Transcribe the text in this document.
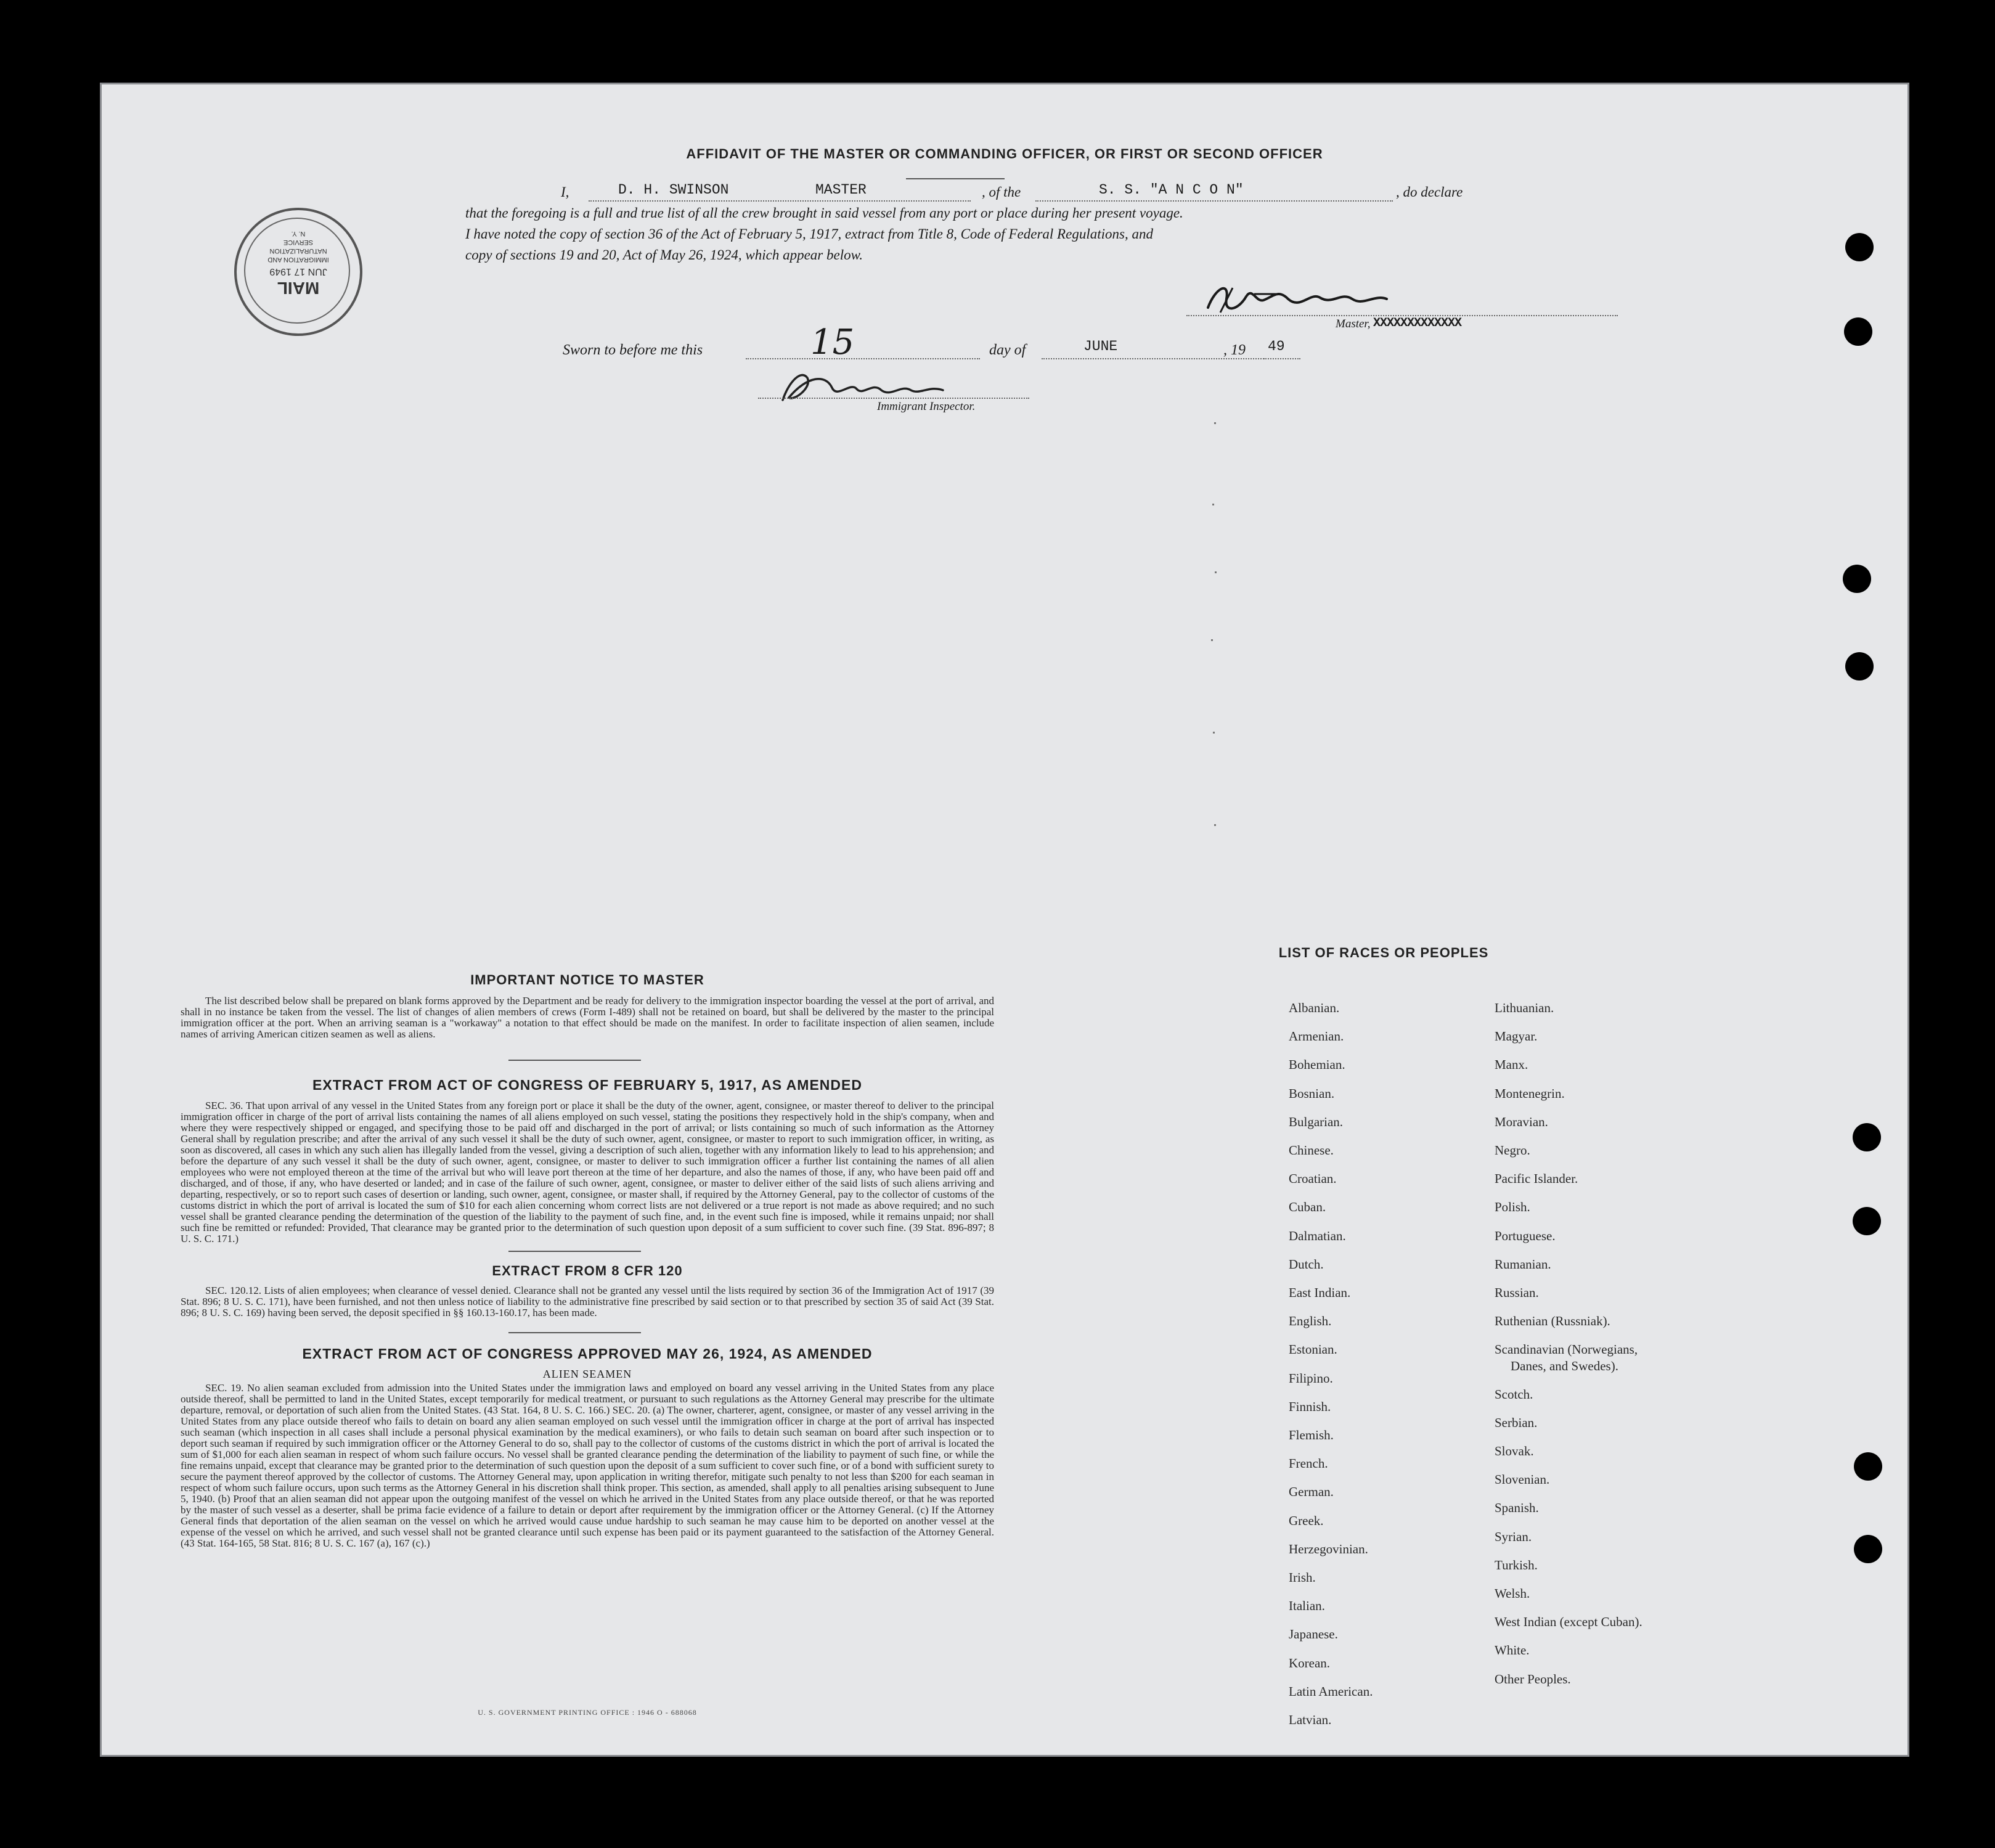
AFFIDAVIT OF THE MASTER OR COMMANDING OFFICER, OR FIRST OR SECOND OFFICER
I,	D. H. SWINSON	MASTER	, of the	S. S. "A N C O N"	, do declare
that the foregoing is a full and true list of all the crew brought in said vessel from any port or place during her present voyage.
I have noted the copy of section 36 of the Act of February 5, 1917, extract from Title 8, Code of Federal Regulations, and
copy of sections 19 and 20, Act of May 26, 1924, which appear below.
Master, XXXXXXXXXXXXX
Sworn to before me this	15	day of	JUNE	, 19 49
Immigrant Inspector.
MAIL
JUN 17 1949
IMMIGRATION AND
NATURALIZATION
SERVICE
N. Y.
IMPORTANT NOTICE TO MASTER
The list described below shall be prepared on blank forms approved by the Department and be ready for delivery to the immigration inspector boarding the vessel at the port of arrival, and shall in no instance be taken from the vessel. The list of changes of alien members of crews (Form I-489) shall not be retained on board, but shall be delivered by the master to the principal immigration officer at the port. When an arriving seaman is a "workaway" a notation to that effect should be made on the manifest. In order to facilitate inspection of alien seamen, include names of arriving American citizen seamen as well as aliens.
EXTRACT FROM ACT OF CONGRESS OF FEBRUARY 5, 1917, AS AMENDED
SEC. 36. That upon arrival of any vessel in the United States from any foreign port or place it shall be the duty of the owner, agent, consignee, or master thereof to deliver to the principal immigration officer in charge of the port of arrival lists containing the names of all aliens employed on such vessel, stating the positions they respectively hold in the ship's company, when and where they were respectively shipped or engaged, and specifying those to be paid off and discharged in the port of arrival; or lists containing so much of such information as the Attorney General shall by regulation prescribe; and after the arrival of any such vessel it shall be the duty of such owner, agent, consignee, or master to report to such immigration officer, in writing, as soon as discovered, all cases in which any such alien has illegally landed from the vessel, giving a description of such alien, together with any information likely to lead to his apprehension; and before the departure of any such vessel it shall be the duty of such owner, agent, consignee, or master to deliver to such immigration officer a further list containing the names of all alien employees who were not employed thereon at the time of the arrival but who will leave port thereon at the time of her departure, and also the names of those, if any, who have been paid off and discharged, and of those, if any, who have deserted or landed; and in case of the failure of such owner, agent, consignee, or master to deliver either of the said lists of such aliens arriving and departing, respectively, or so to report such cases of desertion or landing, such owner, agent, consignee, or master shall, if required by the Attorney General, pay to the collector of customs of the customs district in which the port of arrival is located the sum of $10 for each alien concerning whom correct lists are not delivered or a true report is not made as above required; and no such vessel shall be granted clearance pending the determination of the question of the liability to the payment of such fine, and, in the event such fine is imposed, while it remains unpaid; nor shall such fine be remitted or refunded: Provided, That clearance may be granted prior to the determination of such question upon deposit of a sum sufficient to cover such fine. (39 Stat. 896-897; 8 U. S. C. 171.)
EXTRACT FROM 8 CFR 120
SEC. 120.12. Lists of alien employees; when clearance of vessel denied. Clearance shall not be granted any vessel until the lists required by section 36 of the Immigration Act of 1917 (39 Stat. 896; 8 U. S. C. 171), have been furnished, and not then unless notice of liability to the administrative fine prescribed by said section or to that prescribed by section 35 of said Act (39 Stat. 896; 8 U. S. C. 169) having been served, the deposit specified in §§ 160.13-160.17, has been made.
EXTRACT FROM ACT OF CONGRESS APPROVED MAY 26, 1924, AS AMENDED
ALIEN SEAMEN
SEC. 19. No alien seaman excluded from admission into the United States under the immigration laws and employed on board any vessel arriving in the United States from any place outside thereof, shall be permitted to land in the United States, except temporarily for medical treatment, or pursuant to such regulations as the Attorney General may prescribe for the ultimate departure, removal, or deportation of such alien from the United States. (43 Stat. 164, 8 U. S. C. 166.) SEC. 20. (a) The owner, charterer, agent, consignee, or master of any vessel arriving in the United States from any place outside thereof who fails to detain on board any alien seaman employed on such vessel until the immigration officer in charge at the port of arrival has inspected such seaman (which inspection in all cases shall include a personal physical examination by the medical examiners), or who fails to detain such seaman on board after such inspection or to deport such seaman if required by such immigration officer or the Attorney General to do so, shall pay to the collector of customs of the customs district in which the port of arrival is located the sum of $1,000 for each alien seaman in respect of whom such failure occurs. No vessel shall be granted clearance pending the determination of the liability to payment of such fine, or while the fine remains unpaid, except that clearance may be granted prior to the determination of such question upon the deposit of a sum sufficient to cover such fine, or of a bond with sufficient surety to secure the payment thereof approved by the collector of customs. The Attorney General may, upon application in writing therefor, mitigate such penalty to not less than $200 for each seaman in respect of whom such failure occurs, upon such terms as the Attorney General in his discretion shall think proper. This section, as amended, shall apply to all penalties arising subsequent to June 5, 1940. (b) Proof that an alien seaman did not appear upon the outgoing manifest of the vessel on which he arrived in the United States from any place outside thereof, or that he was reported by the master of such vessel as a deserter, shall be prima facie evidence of a failure to detain or deport after requirement by the immigration officer or the Attorney General. (c) If the Attorney General finds that deportation of the alien seaman on the vessel on which he arrived would cause undue hardship to such seaman he may cause him to be deported on another vessel at the expense of the vessel on which he arrived, and such vessel shall not be granted clearance until such expense has been paid or its payment guaranteed to the satisfaction of the Attorney General. (43 Stat. 164-165, 58 Stat. 816; 8 U. S. C. 167 (a), 167 (c).)
U. S. GOVERNMENT PRINTING OFFICE : 1946 O - 688068
LIST OF RACES OR PEOPLES
Albanian.
Armenian.
Bohemian.
Bosnian.
Bulgarian.
Chinese.
Croatian.
Cuban.
Dalmatian.
Dutch.
East Indian.
English.
Estonian.
Filipino.
Finnish.
Flemish.
French.
German.
Greek.
Herzegovinian.
Irish.
Italian.
Japanese.
Korean.
Latin American.
Latvian.
Lithuanian.
Magyar.
Manx.
Montenegrin.
Moravian.
Negro.
Pacific Islander.
Polish.
Portuguese.
Rumanian.
Russian.
Ruthenian (Russniak).
Scandinavian (Norwegians,
Danes, and Swedes).
Scotch.
Serbian.
Slovak.
Slovenian.
Spanish.
Syrian.
Turkish.
Welsh.
West Indian (except Cuban).
White.
Other Peoples.
